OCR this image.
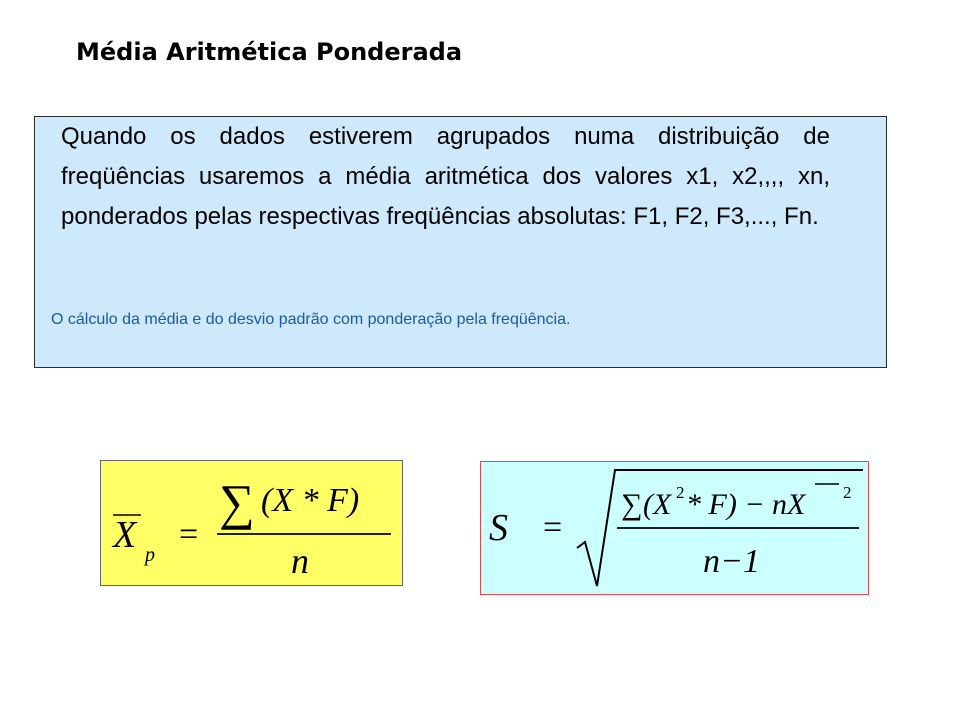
Média Aritmética Ponderada

Quando os dados estiverem agrupados numa distribuição de freqüências usaremos a média aritmética dos valores x1, x2,,,, xn, ponderados pelas respectivas freqüências absolutas: F1, F2, F3,..., Fn.

O cálculo da média e do desvio padrão com ponderação pela freqüência.
X p
=
∑ (X * F)
n
S =
∑ (X 2 * F) − nX 2
n−1
